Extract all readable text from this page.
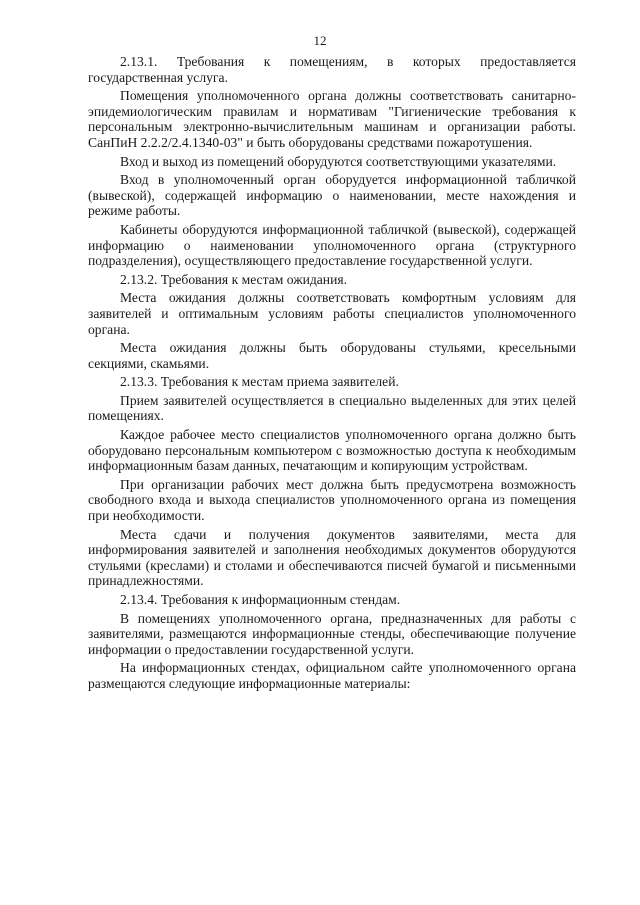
12

2.13.1. Требования к помещениям, в которых предоставляется государственная услуга.

Помещения уполномоченного органа должны соответствовать санитарно-эпидемиологическим правилам и нормативам "Гигиенические требования к персональным электронно-вычислительным машинам и организации работы. СанПиН 2.2.2/2.4.1340-03" и быть оборудованы средствами пожаротушения.

Вход и выход из помещений оборудуются соответствующими указателями.

Вход в уполномоченный орган оборудуется информационной табличкой (вывеской), содержащей информацию о наименовании, месте нахождения и режиме работы.

Кабинеты оборудуются информационной табличкой (вывеской), содержащей информацию о наименовании уполномоченного органа (структурного подразделения), осуществляющего предоставление государственной услуги.

2.13.2. Требования к местам ожидания.

Места ожидания должны соответствовать комфортным условиям для заявителей и оптимальным условиям работы специалистов уполномоченного органа.

Места ожидания должны быть оборудованы стульями, кресельными секциями, скамьями.

2.13.3. Требования к местам приема заявителей.

Прием заявителей осуществляется в специально выделенных для этих целей помещениях.

Каждое рабочее место специалистов уполномоченного органа должно быть оборудовано персональным компьютером с возможностью доступа к необходимым информационным базам данных, печатающим и копирующим устройствам.

При организации рабочих мест должна быть предусмотрена возможность свободного входа и выхода специалистов уполномоченного органа из помещения при необходимости.

Места сдачи и получения документов заявителями, места для информирования заявителей и заполнения необходимых документов оборудуются стульями (креслами) и столами и обеспечиваются писчей бумагой и письменными принадлежностями.

2.13.4. Требования к информационным стендам.

В помещениях уполномоченного органа, предназначенных для работы с заявителями, размещаются информационные стенды, обеспечивающие получение информации о предоставлении государственной услуги.

На информационных стендах, официальном сайте уполномоченного органа размещаются следующие информационные материалы:
